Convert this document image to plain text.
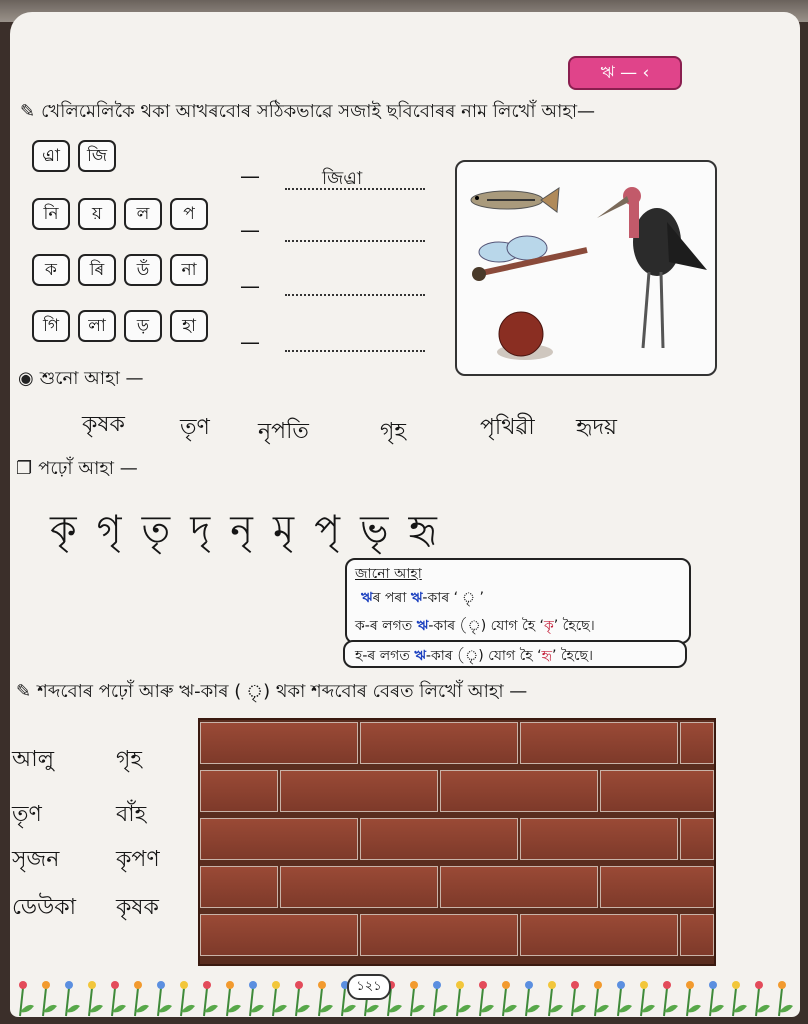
ঋ — ‹
✎ খেলিমেলিকৈ থকা আখৰবোৰ সঠিকভাৱে সজাই ছবিবোৰৰ নাম লিখোঁ আহা—
এ্রা	জি
—	জিএ্রা
নি	য়	ল	প
—
ক	ৰি	ডঁ	না
—
গি	লা	ড়	হা
—
◉ শুনো আহা —
কৃষক	তৃণ নৃপতি	গৃহ	পৃথিৱী হৃদয়
❐ পঢ়োঁ আহা —
কৃ গৃ তৃ দৃ নৃ মৃ পৃ ভৃ হৃ
জানো আহা
ঋৰ পৰা ঋ-কাৰ ‘ ’
ক-ৰ লগত ঋ-কাৰ () যোগ হৈ ‘কৃ’ হৈছে।
হ-ৰ লগত ঋ-কাৰ () যোগ হৈ ‘হৃ’ হৈছে।
✎ শব্দবোৰ পঢ়োঁ আৰু ঋ-কাৰ ( ৃ) থকা শব্দবোৰ বেৰত লিখোঁ আহা —
আলু	গৃহ
তৃণ	বাঁহ
সৃজন	কৃপণ
ডেউকা কৃষক
১২১
